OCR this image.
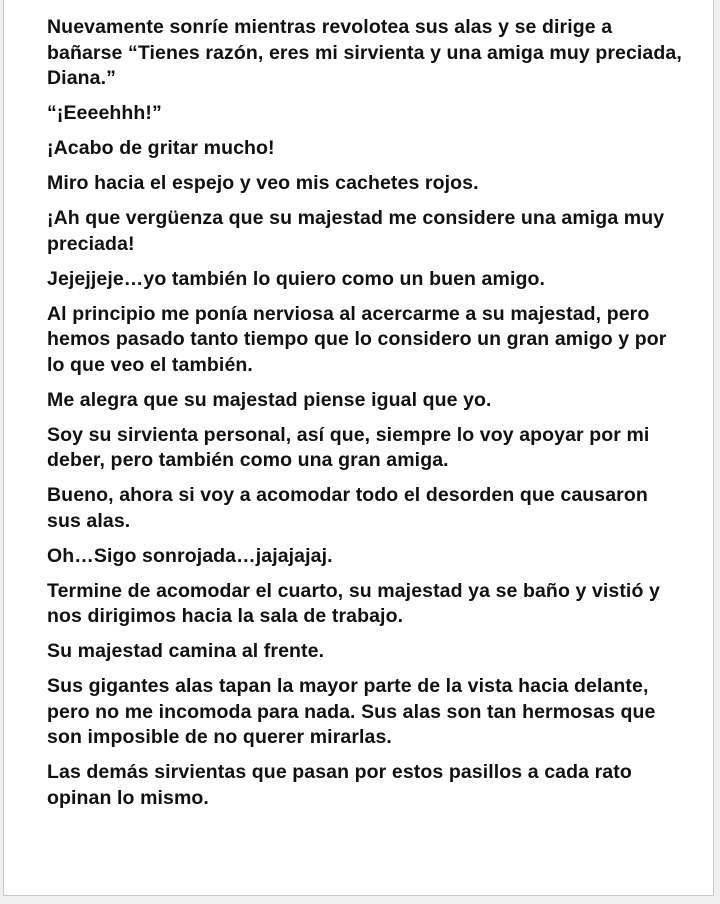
Nuevamente sonríe mientras revolotea sus alas y se dirige a bañarse “Tienes razón, eres mi sirvienta y una amiga muy preciada, Diana.”

“¡Eeeehhh!”

¡Acabo de gritar mucho!

Miro hacia el espejo y veo mis cachetes rojos.

¡Ah que vergüenza que su majestad me considere una amiga muy preciada!

Jejejjeje…yo también lo quiero como un buen amigo.

Al principio me ponía nerviosa al acercarme a su majestad, pero hemos pasado tanto tiempo que lo considero un gran amigo y por lo que veo el también.

Me alegra que su majestad piense igual que yo.

Soy su sirvienta personal, así que, siempre lo voy apoyar por mi deber, pero también como una gran amiga.

Bueno, ahora si voy a acomodar todo el desorden que causaron sus alas.

Oh…Sigo sonrojada…jajajajaj.

Termine de acomodar el cuarto, su majestad ya se baño y vistió y nos dirigimos hacia la sala de trabajo.

Su majestad camina al frente.

Sus gigantes alas tapan la mayor parte de la vista hacia delante, pero no me incomoda para nada. Sus alas son tan hermosas que son imposible de no querer mirarlas.

Las demás sirvientas que pasan por estos pasillos a cada rato opinan lo mismo.
